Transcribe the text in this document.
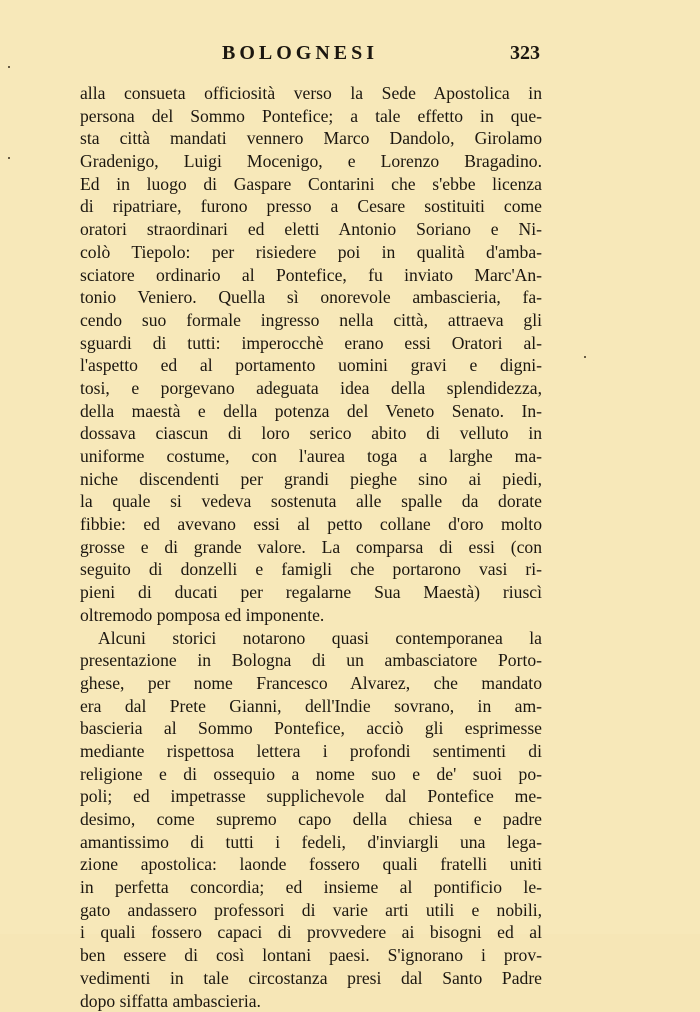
BOLOGNESI	323
alla consueta officiosità verso la Sede Apostolica in
persona del Sommo Pontefice; a tale effetto in que-
sta città mandati vennero Marco Dandolo, Girolamo
Gradenigo, Luigi Mocenigo, e Lorenzo Bragadino.
Ed in luogo di Gaspare Contarini che s'ebbe licenza
di ripatriare, furono presso a Cesare sostituiti come
oratori straordinari ed eletti Antonio Soriano e Ni-
colò Tiepolo: per risiedere poi in qualità d'amba-
sciatore ordinario al Pontefice, fu inviato Marc'An-
tonio Veniero. Quella sì onorevole ambascieria, fa-
cendo suo formale ingresso nella città, attraeva gli
sguardi di tutti: imperocchè erano essi Oratori al-
l'aspetto ed al portamento uomini gravi e digni-
tosi, e porgevano adeguata idea della splendidezza,
della maestà e della potenza del Veneto Senato. In-
dossava ciascun di loro serico abito di velluto in
uniforme costume, con l'aurea toga a larghe ma-
niche discendenti per grandi pieghe sino ai piedi,
la quale si vedeva sostenuta alle spalle da dorate
fibbie: ed avevano essi al petto collane d'oro molto
grosse e di grande valore. La comparsa di essi (con
seguito di donzelli e famigli che portarono vasi ri-
pieni di ducati per regalarne Sua Maestà) riuscì
oltremodo pomposa ed imponente.
Alcuni storici notarono quasi contemporanea la
presentazione in Bologna di un ambasciatore Porto-
ghese, per nome Francesco Alvarez, che mandato
era dal Prete Gianni, dell'Indie sovrano, in am-
bascieria al Sommo Pontefice, acciò gli esprimesse
mediante rispettosa lettera i profondi sentimenti di
religione e di ossequio a nome suo e de' suoi po-
poli; ed impetrasse supplichevole dal Pontefice me-
desimo, come supremo capo della chiesa e padre
amantissimo di tutti i fedeli, d'inviargli una lega-
zione apostolica: laonde fossero quali fratelli uniti
in perfetta concordia; ed insieme al pontificio le-
gato andassero professori di varie arti utili e nobili,
i quali fossero capaci di provvedere ai bisogni ed al
ben essere di così lontani paesi. S'ignorano i prov-
vedimenti in tale circostanza presi dal Santo Padre
dopo siffatta ambascieria.
